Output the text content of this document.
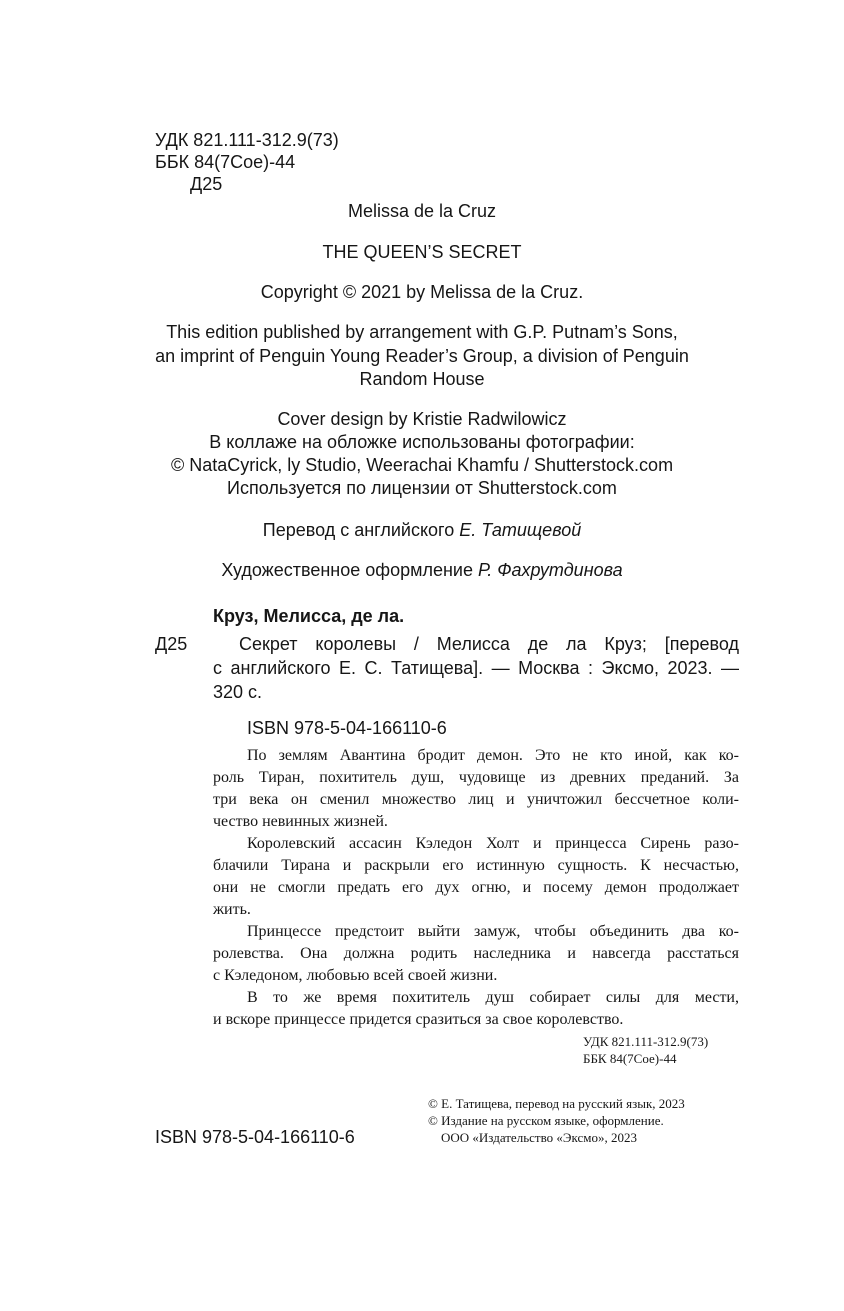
УДК 821.111-312.9(73)
ББК 84(7Сое)-44
Д25
Melissa de la Cruz
THE QUEEN’S SECRET
Copyright © 2021 by Melissa de la Cruz.
This edition published by arrangement with G.P. Putnam’s Sons,
an imprint of Penguin Young Reader’s Group, a division of Penguin
Random House
Cover design by Kristie Radwilowicz
В коллаже на обложке использованы фотографии:
© NataCyrick, ly Studio, Weerachai Khamfu / Shutterstock.com
Используется по лицензии от Shutterstock.com
Перевод с английского Е. Татищевой
Художественное оформление Р. Фахрутдинова
Круз, Мелисса, де ла.
Д25	Секрет королевы / Мелисса де ла Круз; [перевод
с английского Е. С. Татищева]. — Москва : Эксмо, 2023. —
320 с.
ISBN 978-5-04-166110-6
По землям Авантина бродит демон. Это не кто иной, как ко-
роль Тиран, похититель душ, чудовище из древних преданий. За
три века он сменил множество лиц и уничтожил бессчетное коли-
чество невинных жизней.
Королевский ассасин Кэледон Холт и принцесса Сирень разо-
блачили Тирана и раскрыли его истинную сущность. К несчастью,
они не смогли предать его дух огню, и посему демон продолжает
жить.
Принцессе предстоит выйти замуж, чтобы объединить два ко-
ролевства. Она должна родить наследника и навсегда расстаться
с Кэледоном, любовью всей своей жизни.
В то же время похититель душ собирает силы для мести,
и вскоре принцессе придется сразиться за свое королевство.
УДК 821.111-312.9(73)
ББК 84(7Сое)-44
© Е. Татищева, перевод на русский язык, 2023
© Издание на русском языке, оформление.
ООО «Издательство «Эксмо», 2023
ISBN 978-5-04-166110-6
